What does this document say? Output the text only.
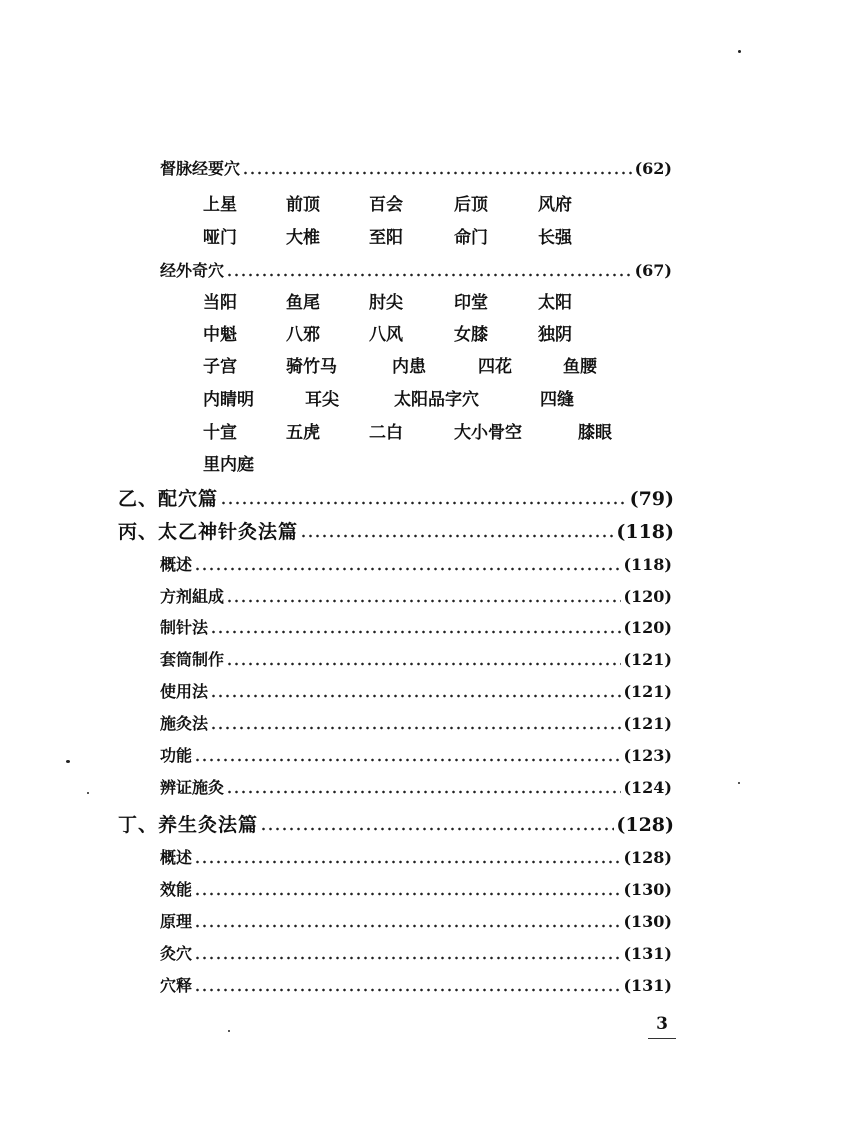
督脉经要穴	(62)
上星	前顶	百会	后顶	风府
哑门	大椎	至阳	命门	长强
经外奇穴	(67)
当阳	鱼尾	肘尖	印堂	太阳
中魁	八邪	八风	女膝	独阴
子宫	骑竹马	内患	四花	鱼腰
内睛明	耳尖	太阳品字穴	四缝
十宣	五虎	二白	大小骨空	膝眼
里内庭
乙、配穴篇	(79)
丙、太乙神针灸法篇	(118)
概述	(118)
方剂組成	(120)
制针法	(120)
套筒制作	(121)
使用法	(121)
施灸法	(121)
功能	(123)
辨证施灸	(124)
丁、养生灸法篇	(128)
概述	(128)
效能	(130)
原理	(130)
灸穴	(131)
穴释	(131)
3
